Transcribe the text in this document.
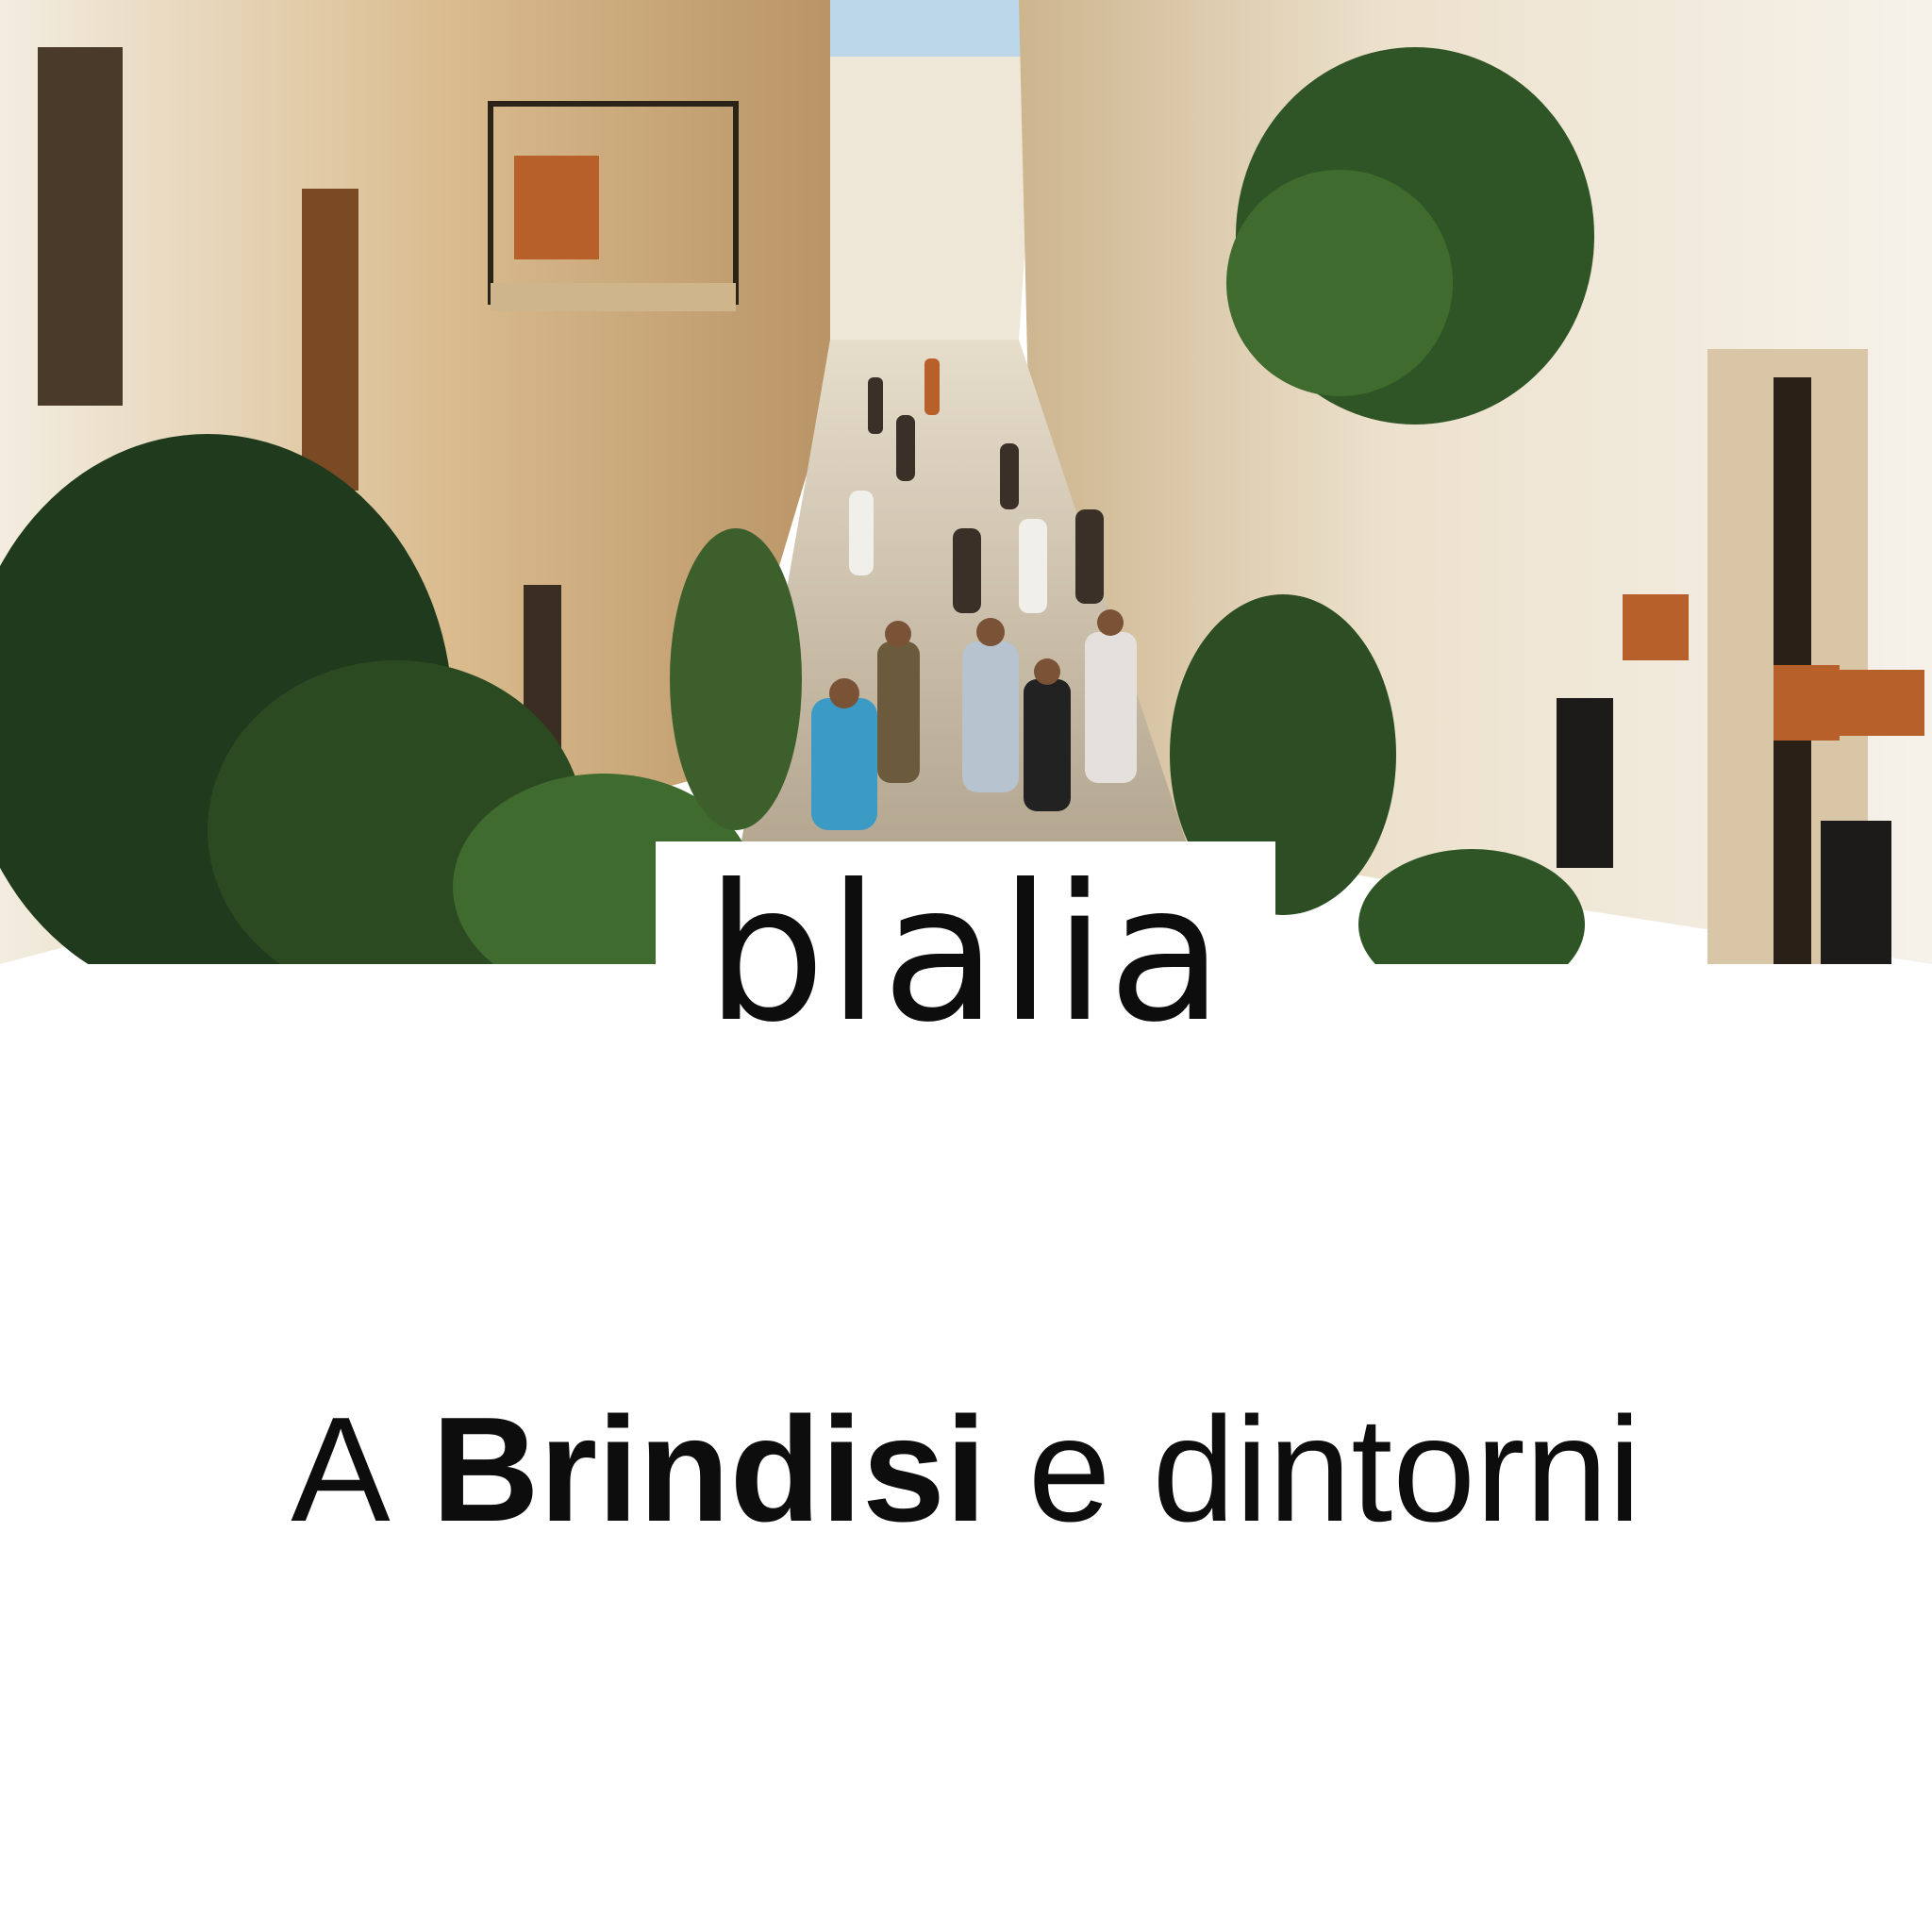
blalia
A Brindisi e dintorni
